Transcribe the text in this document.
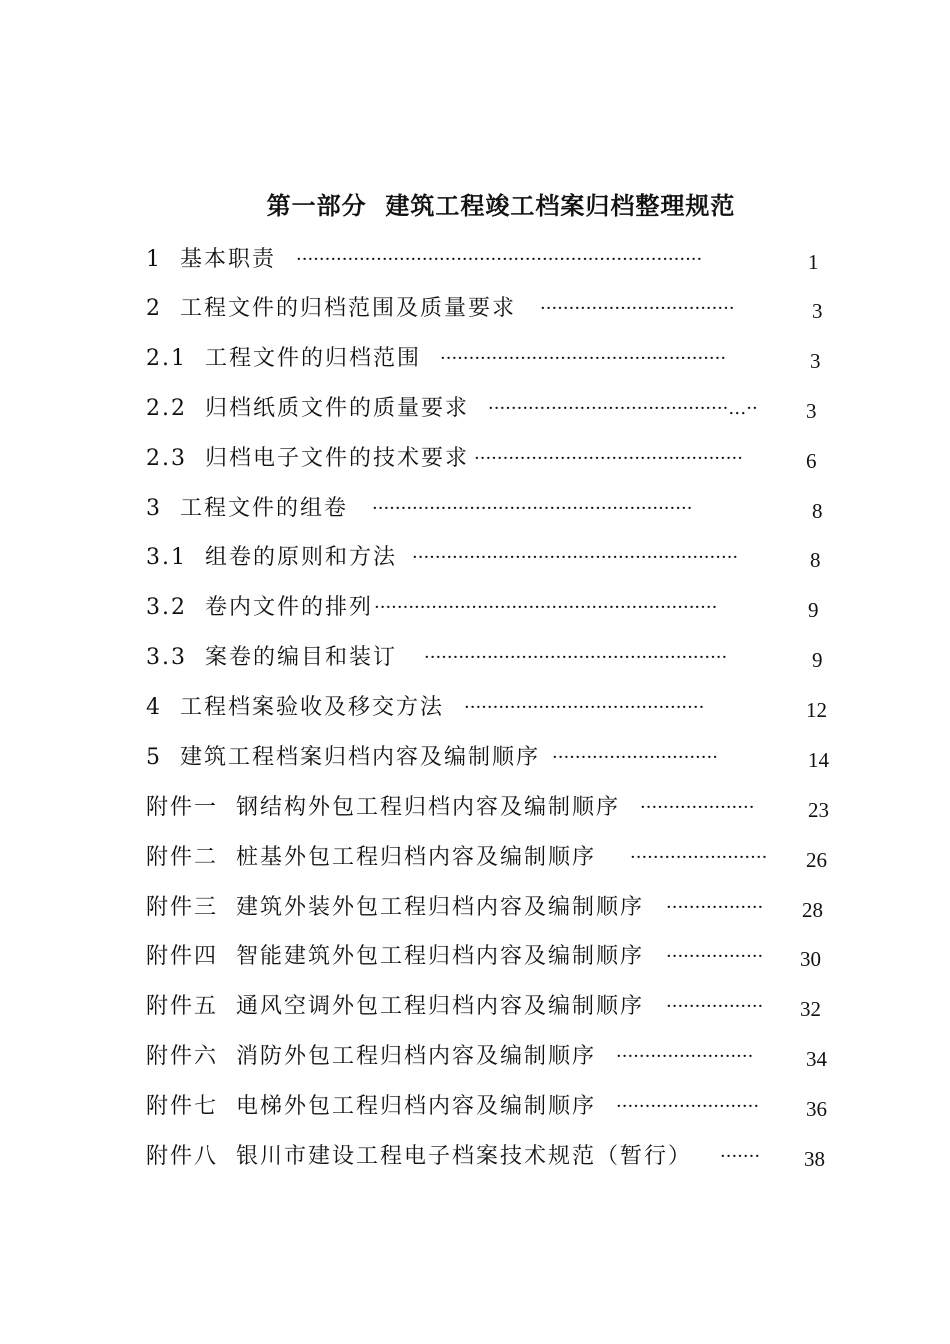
第一部分  建筑工程竣工档案归档整理规范
1  基本职责 ·······································································	1
2  工程文件的归档范围及质量要求 ··································	3
2.1  工程文件的归档范围 ··················································	3
2.2  归档纸质文件的质量要求 ··········································…··	3
2.3  归档电子文件的技术要求 ···············································	6
3  工程文件的组卷 ························································	8
3.1  组卷的原则和方法 ·························································	8
3.2  卷内文件的排列 ····························································	9
3.3  案卷的编目和装订 ·····················································	9
4  工程档案验收及移交方法 ··········································	12
5  建筑工程档案归档内容及编制顺序 ·····························	14
附件一  钢结构外包工程归档内容及编制顺序 ····················	23
附件二  桩基外包工程归档内容及编制顺序 ························	26
附件三  建筑外装外包工程归档内容及编制顺序 ·················	28
附件四  智能建筑外包工程归档内容及编制顺序 ·················	30
附件五  通风空调外包工程归档内容及编制顺序 ·················	32
附件六  消防外包工程归档内容及编制顺序 ························	34
附件七  电梯外包工程归档内容及编制顺序 ·························	36
附件八  银川市建设工程电子档案技术规范（暂行） ·······	38
